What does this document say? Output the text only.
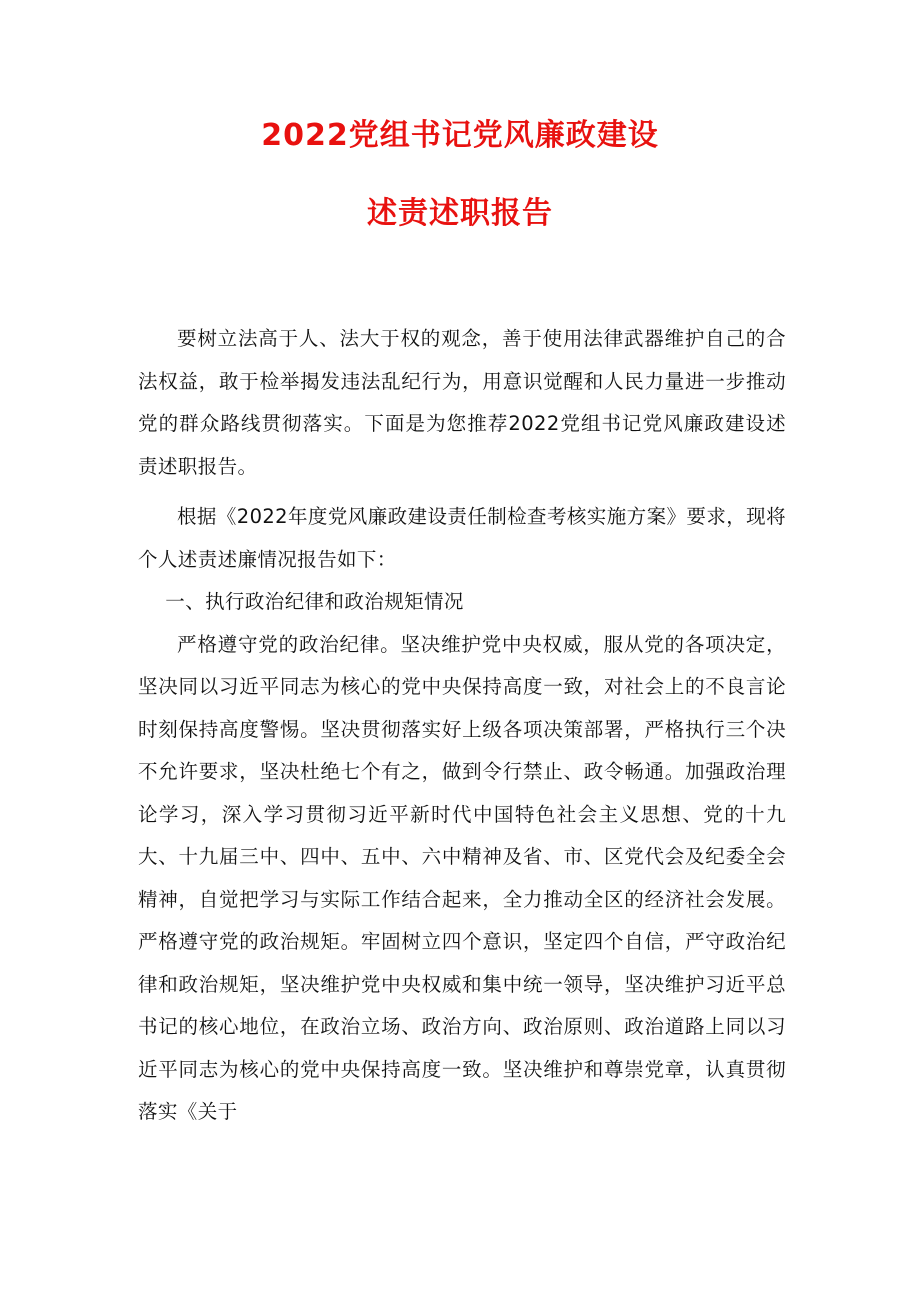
2022党组书记党风廉政建设
述责述职报告

要树立法高于人、法大于权的观念，善于使用法律武器维护自己的合法权益，敢于检举揭发违法乱纪行为，用意识觉醒和人民力量进一步推动党的群众路线贯彻落实。下面是为您推荐2022党组书记党风廉政建设述责述职报告。

根据《2022年度党风廉政建设责任制检查考核实施方案》要求，现将个人述责述廉情况报告如下：

一、执行政治纪律和政治规矩情况

严格遵守党的政治纪律。坚决维护党中央权威，服从党的各项决定，坚决同以习近平同志为核心的党中央保持高度一致，对社会上的不良言论时刻保持高度警惕。坚决贯彻落实好上级各项决策部署，严格执行三个决不允许要求，坚决杜绝七个有之，做到令行禁止、政令畅通。加强政治理论学习，深入学习贯彻习近平新时代中国特色社会主义思想、党的十九大、十九届三中、四中、五中、六中精神及省、市、区党代会及纪委全会精神，自觉把学习与实际工作结合起来，全力推动全区的经济社会发展。严格遵守党的政治规矩。牢固树立四个意识，坚定四个自信，严守政治纪律和政治规矩，坚决维护党中央权威和集中统一领导，坚决维护习近平总书记的核心地位，在政治立场、政治方向、政治原则、政治道路上同以习近平同志为核心的党中央保持高度一致。坚决维护和尊崇党章，认真贯彻落实《关于
